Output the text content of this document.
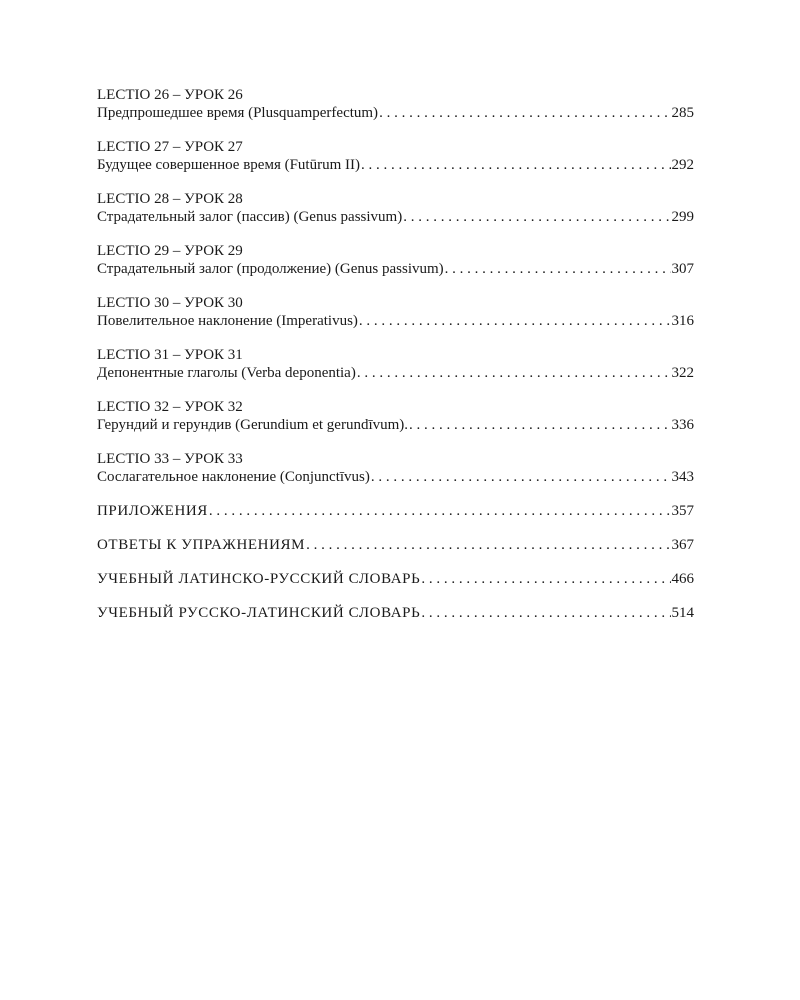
LECTIO 26 – УРОК 26
Предпрошедшее время (Plusquamperfectum) . . .	285
LECTIO 27 – УРОК 27
Будущее совершенное время (Futūrum II) . . .	292
LECTIO 28 – УРОК 28
Страдательный залог (пассив) (Genus passivum) . . .	299
LECTIO 29 – УРОК 29
Страдательный залог (продолжение) (Genus passivum) . . .	307
LECTIO 30 – УРОК 30
Повелительное наклонение (Imperativus) . . .	316
LECTIO 31 – УРОК 31
Депонентные глаголы (Verba deponentia) . . .	322
LECTIO 32 – УРОК 32
Герундий и герундив (Gerundium et gerundīvum). . . .	336
LECTIO 33 – УРОК 33
Сослагательное наклонение (Conjunctīvus) . . .	343
ПРИЛОЖЕНИЯ . . .	357
ОТВЕТЫ К УПРАЖНЕНИЯМ . . .	367
УЧЕБНЫЙ ЛАТИНСКО-РУССКИЙ СЛОВАРЬ . . .	466
УЧЕБНЫЙ РУССКО-ЛАТИНСКИЙ СЛОВАРЬ . . .	514
